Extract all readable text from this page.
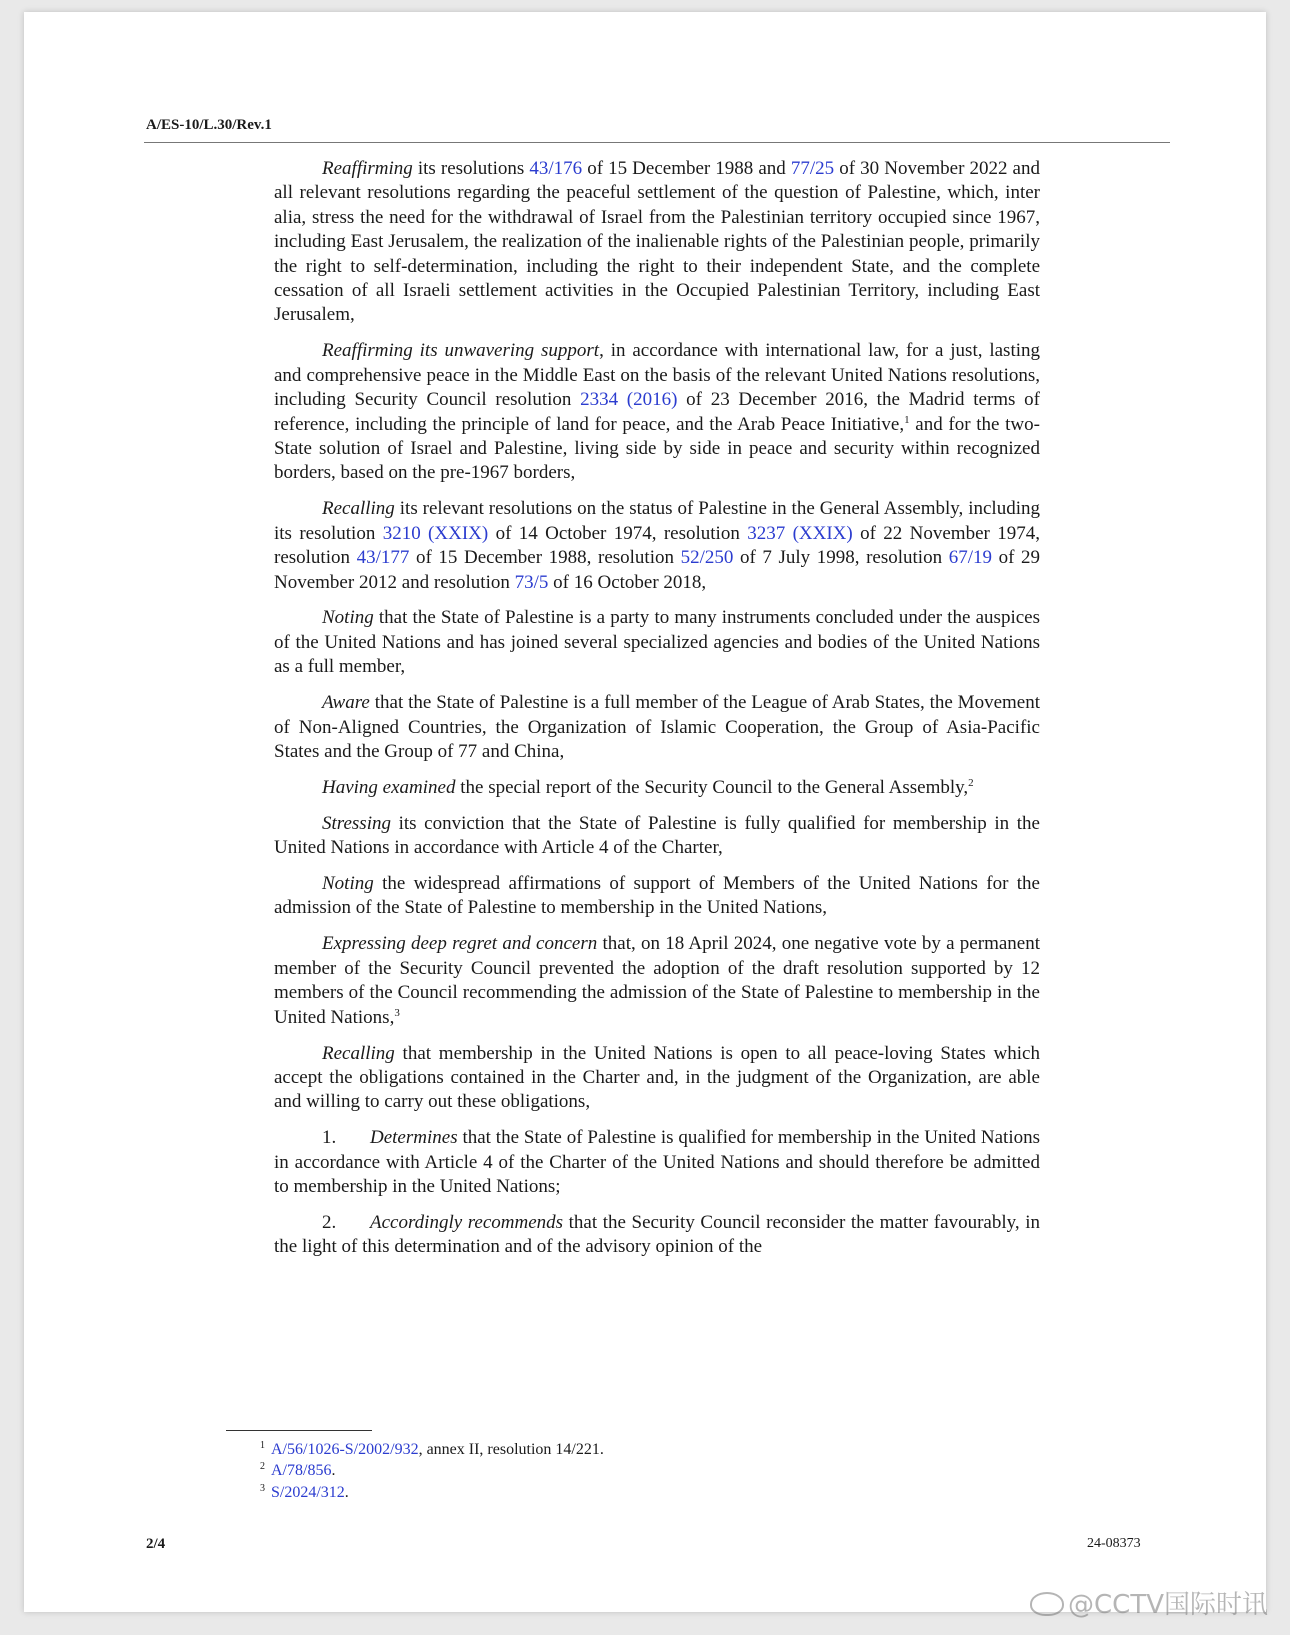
A/ES-10/L.30/Rev.1
Reaffirming its resolutions 43/176 of 15 December 1988 and 77/25 of 30 November 2022 and all relevant resolutions regarding the peaceful settlement of the question of Palestine, which, inter alia, stress the need for the withdrawal of Israel from the Palestinian territory occupied since 1967, including East Jerusalem, the realization of the inalienable rights of the Palestinian people, primarily the right to self-determination, including the right to their independent State, and the complete cessation of all Israeli settlement activities in the Occupied Palestinian Territory, including East Jerusalem,
Reaffirming its unwavering support, in accordance with international law, for a just, lasting and comprehensive peace in the Middle East on the basis of the relevant United Nations resolutions, including Security Council resolution 2334 (2016) of 23 December 2016, the Madrid terms of reference, including the principle of land for peace, and the Arab Peace Initiative,$^1$ and for the two-State solution of Israel and Palestine, living side by side in peace and security within recognized borders, based on the pre-1967 borders,
Recalling its relevant resolutions on the status of Palestine in the General Assembly, including its resolution 3210 (XXIX) of 14 October 1974, resolution 3237 (XXIX) of 22 November 1974, resolution 43/177 of 15 December 1988, resolution 52/250 of 7 July 1998, resolution 67/19 of 29 November 2012 and resolution 73/5 of 16 October 2018,
Noting that the State of Palestine is a party to many instruments concluded under the auspices of the United Nations and has joined several specialized agencies and bodies of the United Nations as a full member,
Aware that the State of Palestine is a full member of the League of Arab States, the Movement of Non-Aligned Countries, the Organization of Islamic Cooperation, the Group of Asia-Pacific States and the Group of 77 and China,
Having examined the special report of the Security Council to the General Assembly,$^2$
Stressing its conviction that the State of Palestine is fully qualified for membership in the United Nations in accordance with Article 4 of the Charter,
Noting the widespread affirmations of support of Members of the United Nations for the admission of the State of Palestine to membership in the United Nations,
Expressing deep regret and concern that, on 18 April 2024, one negative vote by a permanent member of the Security Council prevented the adoption of the draft resolution supported by 12 members of the Council recommending the admission of the State of Palestine to membership in the United Nations,$^3$
Recalling that membership in the United Nations is open to all peace-loving States which accept the obligations contained in the Charter and, in the judgment of the Organization, are able and willing to carry out these obligations,
1. Determines that the State of Palestine is qualified for membership in the United Nations in accordance with Article 4 of the Charter of the United Nations and should therefore be admitted to membership in the United Nations;
2. Accordingly recommends that the Security Council reconsider the matter favourably, in the light of this determination and of the advisory opinion of the
$^1$ A/56/1026-S/2002/932, annex II, resolution 14/221.
$^2$ A/78/856.
$^3$ S/2024/312.
2/4	24-08373
@CCTV国际时讯
